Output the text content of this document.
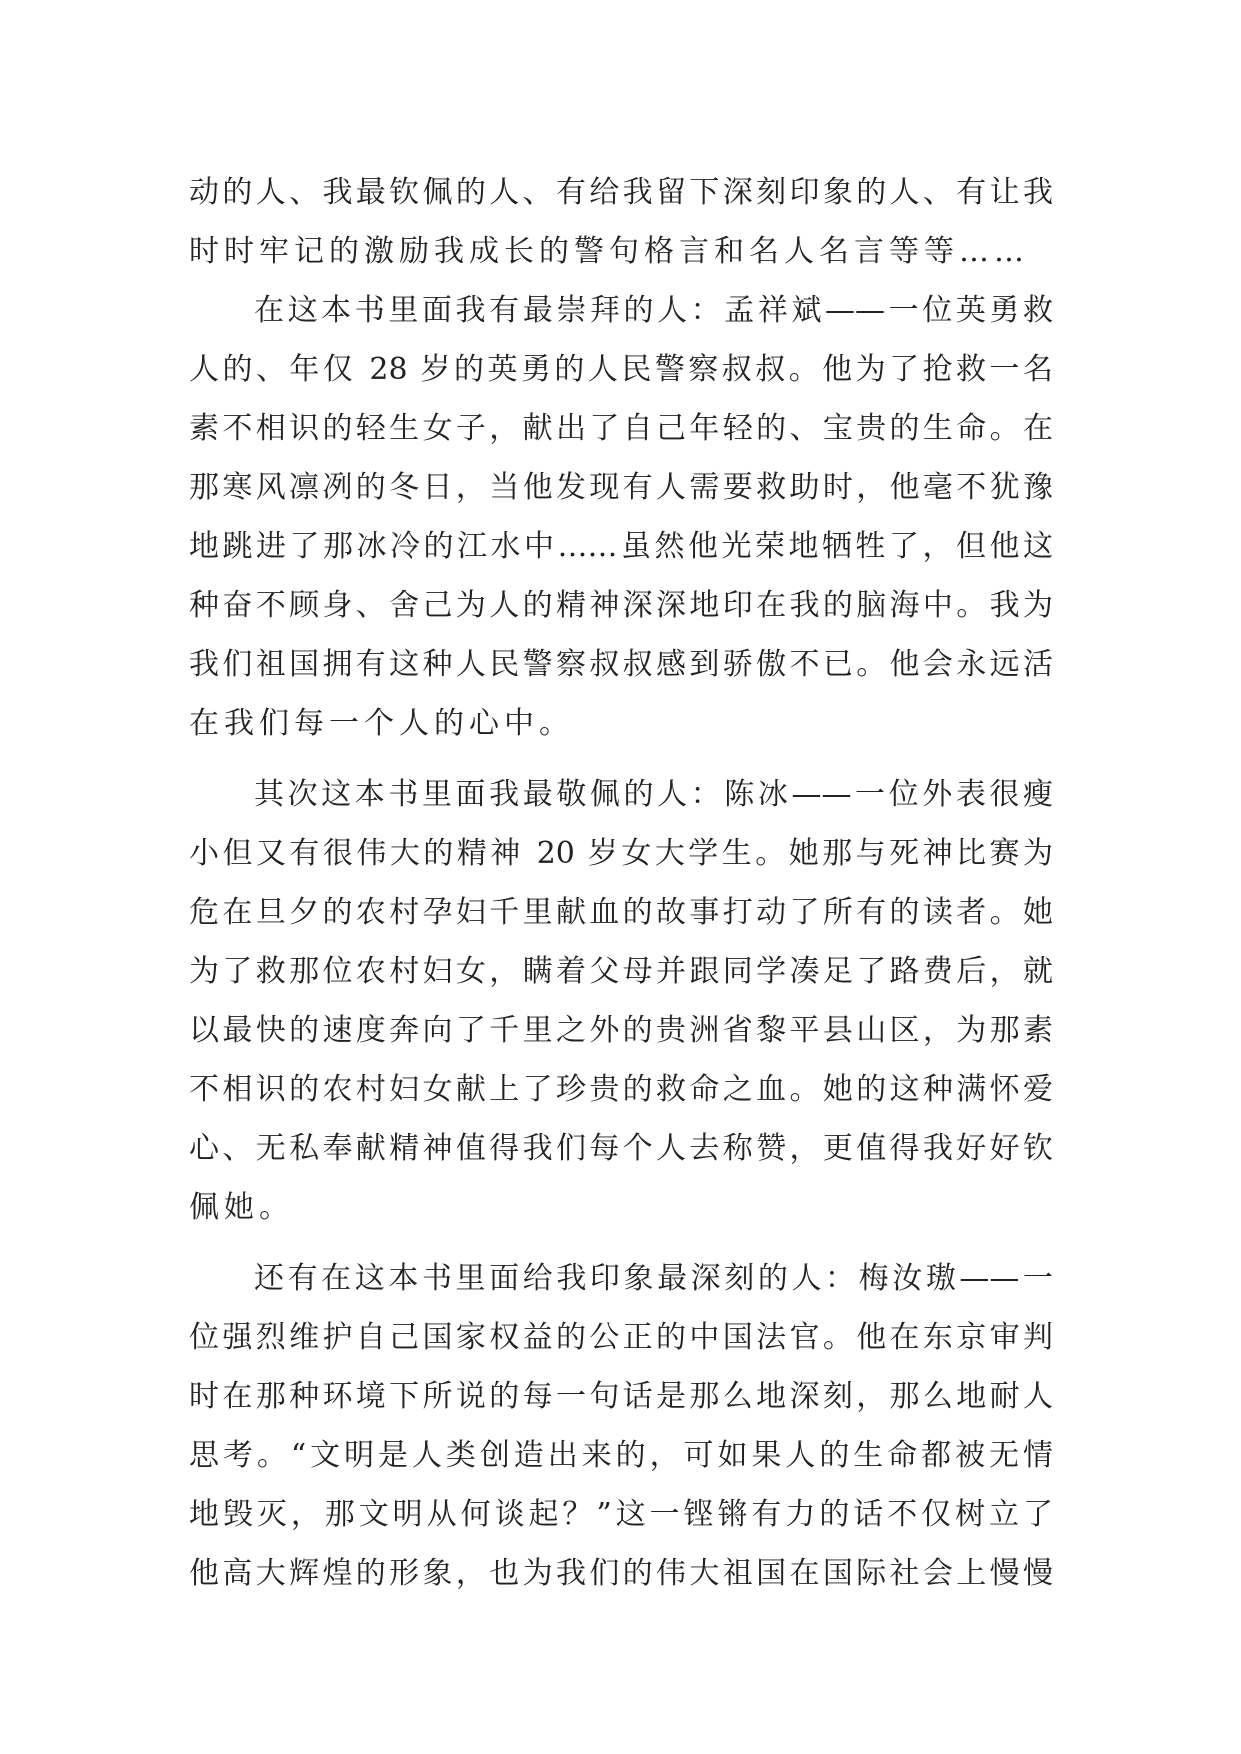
动的人、我最钦佩的人、有给我留下深刻印象的人、有让我
时时牢记的激励我成长的警句格言和名人名言等等……
在这本书里面我有最崇拜的人：孟祥斌——一位英勇救
人的、年仅 28 岁的英勇的人民警察叔叔。他为了抢救一名
素不相识的轻生女子，献出了自己年轻的、宝贵的生命。在
那寒风凛冽的冬日，当他发现有人需要救助时，他毫不犹豫
地跳进了那冰冷的江水中……虽然他光荣地牺牲了，但他这
种奋不顾身、舍己为人的精神深深地印在我的脑海中。我为
我们祖国拥有这种人民警察叔叔感到骄傲不已。他会永远活
在我们每一个人的心中。
其次这本书里面我最敬佩的人：陈冰——一位外表很瘦
小但又有很伟大的精神 20 岁女大学生。她那与死神比赛为
危在旦夕的农村孕妇千里献血的故事打动了所有的读者。她
为了救那位农村妇女，瞒着父母并跟同学凑足了路费后，就
以最快的速度奔向了千里之外的贵洲省黎平县山区，为那素
不相识的农村妇女献上了珍贵的救命之血。她的这种满怀爱
心、无私奉献精神值得我们每个人去称赞，更值得我好好钦
佩她。
还有在这本书里面给我印象最深刻的人：梅汝璈——一
位强烈维护自己国家权益的公正的中国法官。他在东京审判
时在那种环境下所说的每一句话是那么地深刻，那么地耐人
思考。“文明是人类创造出来的，可如果人的生命都被无情
地毁灭，那文明从何谈起？”这一铿锵有力的话不仅树立了
他高大辉煌的形象，也为我们的伟大祖国在国际社会上慢慢
